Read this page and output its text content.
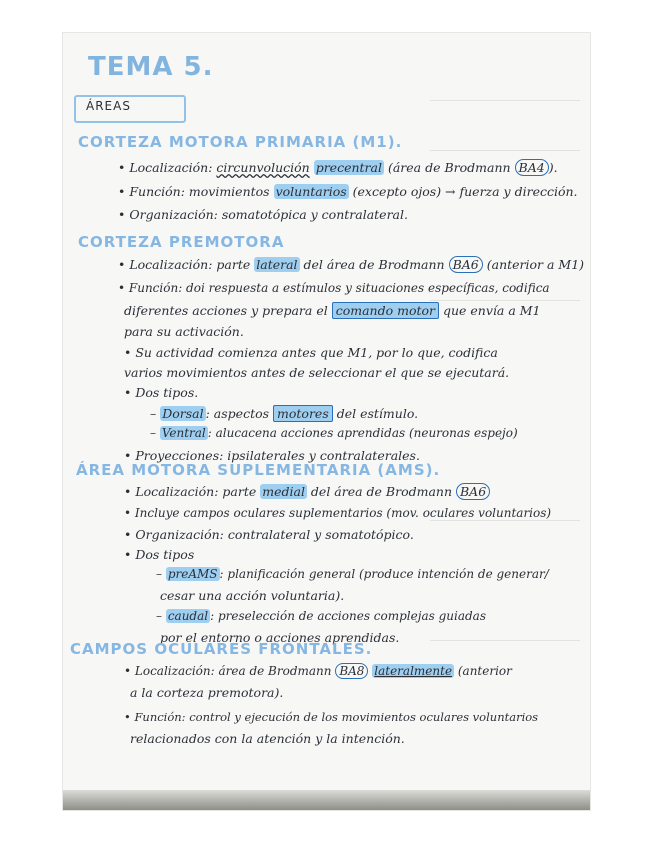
TEMA 5.
ÁREAS
CORTEZA MOTORA PRIMARIA (M1).
• Localización: circunvolución precentral (área de Brodmann BA4 ).
• Función: movimientos voluntarios (excepto ojos) → fuerza y dirección.
• Organización: somatotópica y contralateral.
CORTEZA PREMOTORA
• Localización: parte lateral del área de Brodmann BA6 (anterior a M1)
• Función: doi respuesta a estímulos y situaciones específicas, codifica
diferentes acciones y prepara el comando motor que envía a M1
para su activación.
• Su actividad comienza antes que M1, por lo que, codifica
varios movimientos antes de seleccionar el que se ejecutará.
• Dos tipos.
– Dorsal : aspectos motores del estímulo.
– Ventral : alucacena acciones aprendidas (neuronas espejo)
• Proyecciones: ipsilaterales y contralaterales.
ÁREA MOTORA SUPLEMENTARIA (AMS).
• Localización: parte medial del área de Brodmann BA6
• Incluye campos oculares suplementarios (mov. oculares voluntarios)
• Organización: contralateral y somatotópico.
• Dos tipos
– preAMS : planificación general (produce intención de generar/
cesar una acción voluntaria).
– caudal : preselección de acciones complejas guiadas
por el entorno o acciones aprendidas.
CAMPOS OCULARES FRONTALES.
• Localización: área de Brodmann BA8 lateralmente (anterior
a la corteza premotora).
• Función: control y ejecución de los movimientos oculares voluntarios
relacionados con la atención y la intención.
